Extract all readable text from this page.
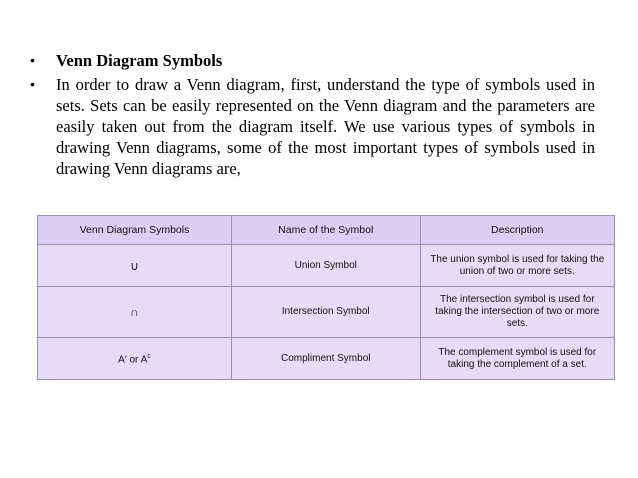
•	Venn Diagram Symbols
•	In order to draw a Venn diagram, first, understand the type of symbols used in sets. Sets can be easily represented on the Venn diagram and the parameters are easily taken out from the diagram itself. We use various types of symbols in drawing Venn diagrams, some of the most important types of symbols used in drawing Venn diagrams are,
Venn Diagram Symbols	Name of the Symbol	Description
∪	Union Symbol	The union symbol is used for taking the union of two or more sets.
∩	Intersection Symbol	The intersection symbol is used for taking the intersection of two or more sets.
A′ or $A^c$	Compliment Symbol	The complement symbol is used for taking the complement of a set.
